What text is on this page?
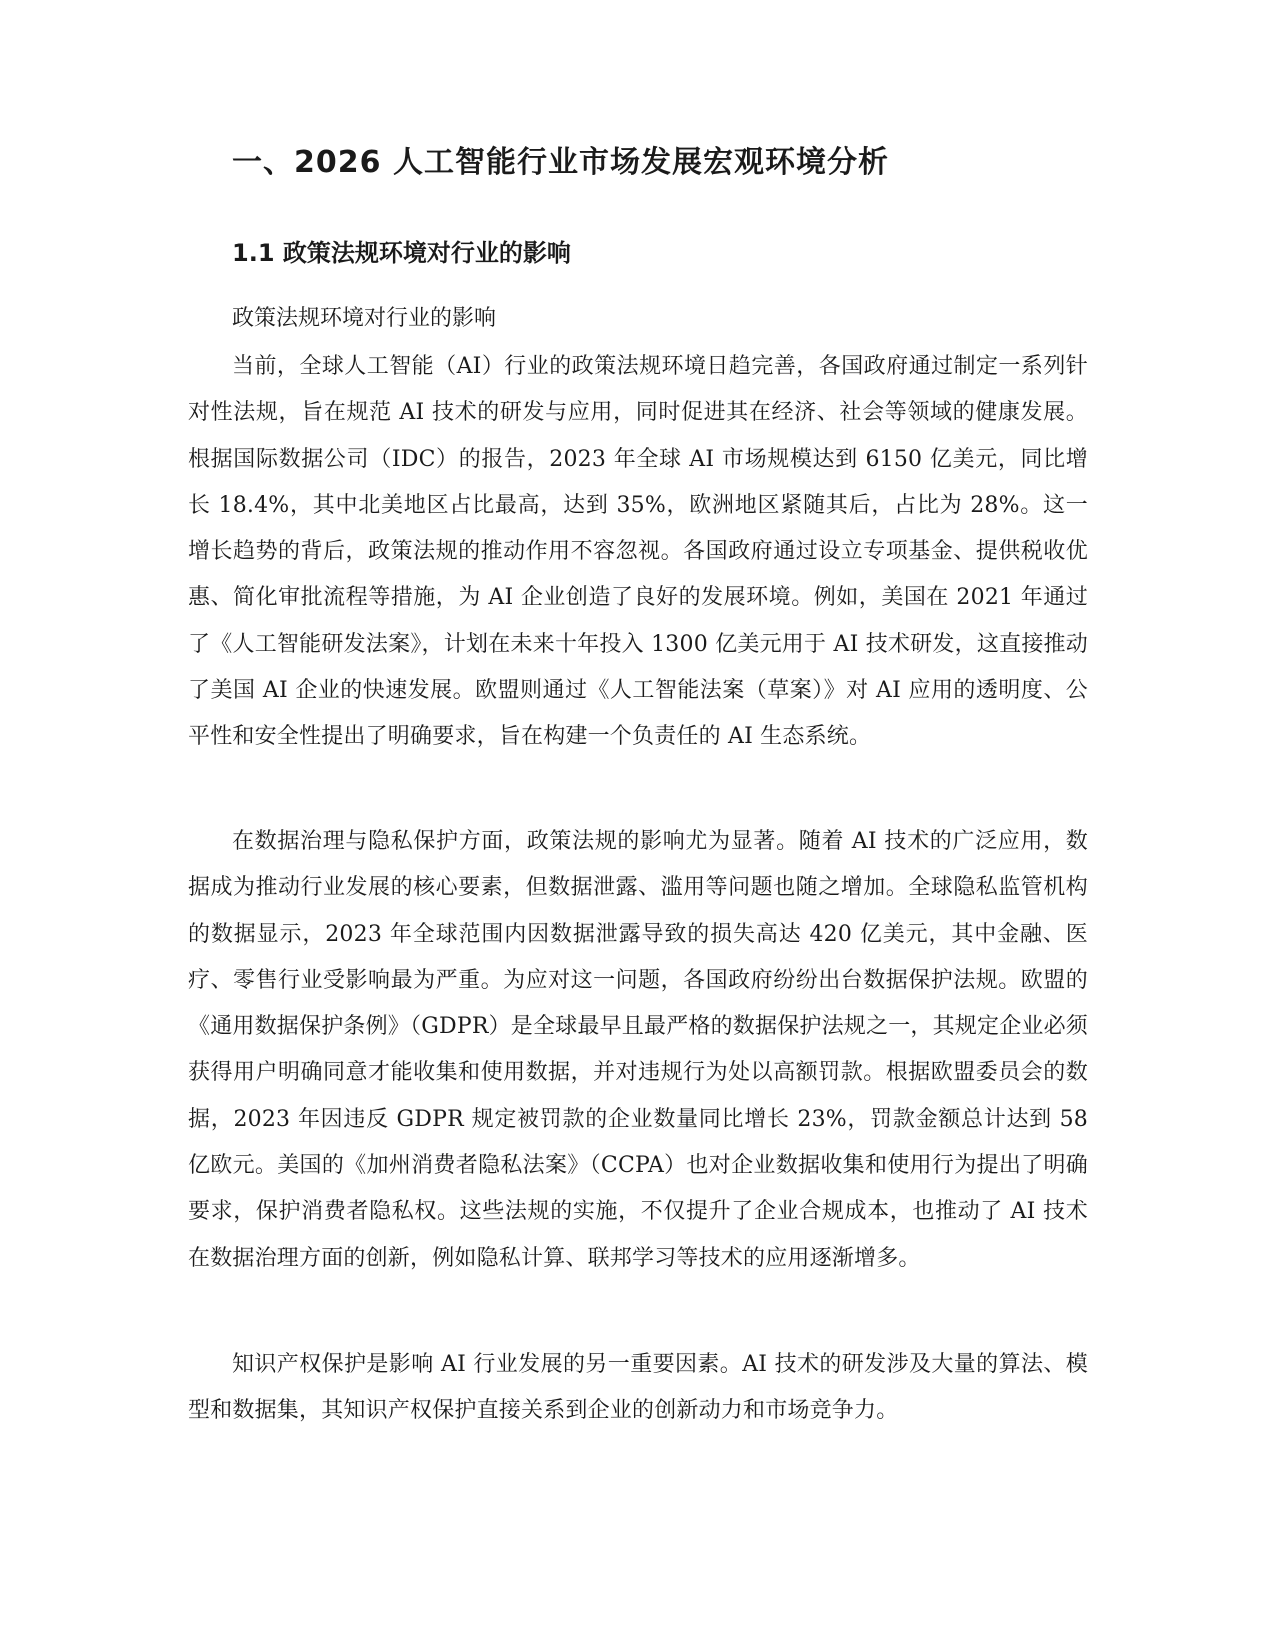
一、2026 人工智能行业市场发展宏观环境分析
1.1 政策法规环境对行业的影响

政策法规环境对行业的影响

当前，全球人工智能（AI）行业的政策法规环境日趋完善，各国政府通过制定一系列针对性法规，旨在规范 AI 技术的研发与应用，同时促进其在经济、社会等领域的健康发展。根据国际数据公司（IDC）的报告，2023 年全球 AI 市场规模达到 6150 亿美元，同比增长 18.4%，其中北美地区占比最高，达到 35%，欧洲地区紧随其后，占比为 28%。这一增长趋势的背后，政策法规的推动作用不容忽视。各国政府通过设立专项基金、提供税收优惠、简化审批流程等措施，为 AI 企业创造了良好的发展环境。例如，美国在 2021 年通过了《人工智能研发法案》，计划在未来十年投入 1300 亿美元用于 AI 技术研发，这直接推动了美国 AI 企业的快速发展。欧盟则通过《人工智能法案（草案）》对 AI 应用的透明度、公平性和安全性提出了明确要求，旨在构建一个负责任的 AI 生态系统。

在数据治理与隐私保护方面，政策法规的影响尤为显著。随着 AI 技术的广泛应用，数据成为推动行业发展的核心要素，但数据泄露、滥用等问题也随之增加。全球隐私监管机构的数据显示，2023 年全球范围内因数据泄露导致的损失高达 420 亿美元，其中金融、医疗、零售行业受影响最为严重。为应对这一问题，各国政府纷纷出台数据保护法规。欧盟的《通用数据保护条例》（GDPR）是全球最早且最严格的数据保护法规之一，其规定企业必须获得用户明确同意才能收集和使用数据，并对违规行为处以高额罚款。根据欧盟委员会的数据，2023 年因违反 GDPR 规定被罚款的企业数量同比增长 23%，罚款金额总计达到 58 亿欧元。美国的《加州消费者隐私法案》（CCPA）也对企业数据收集和使用行为提出了明确要求，保护消费者隐私权。这些法规的实施，不仅提升了企业合规成本，也推动了 AI 技术在数据治理方面的创新，例如隐私计算、联邦学习等技术的应用逐渐增多。

知识产权保护是影响 AI 行业发展的另一重要因素。AI 技术的研发涉及大量的算法、模型和数据集，其知识产权保护直接关系到企业的创新动力和市场竞争力。
